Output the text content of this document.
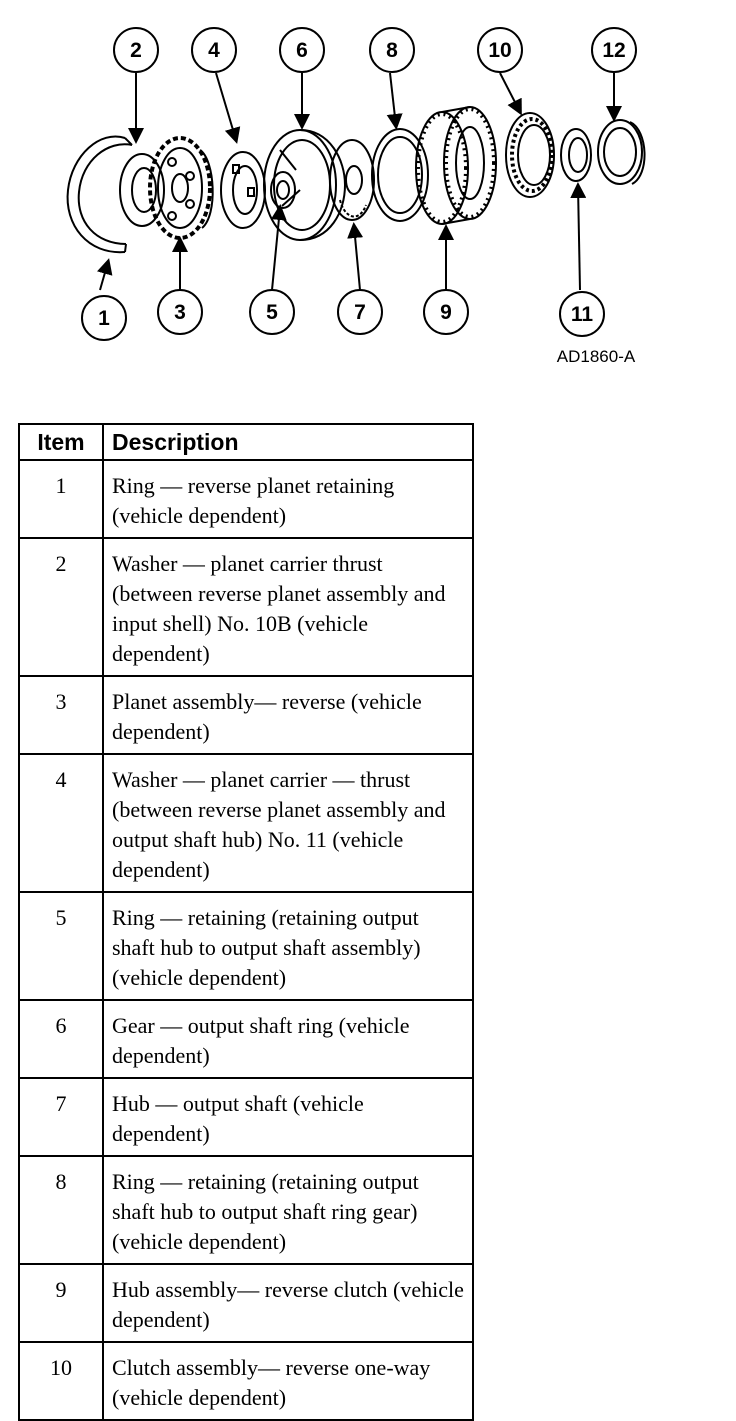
1
2
3
4
5
6
7
8
9
10
11
12
AD1860-A
Item	Description
1	Ring — reverse planet retaining (vehicle dependent)
2	Washer — planet carrier thrust (between reverse planet assembly and input shell) No. 10B (vehicle dependent)
3	Planet assembly— reverse (vehicle dependent)
4	Washer — planet carrier — thrust (between reverse planet assembly and output shaft hub) No. 11 (vehicle dependent)
5	Ring — retaining (retaining output shaft hub to output shaft assembly) (vehicle dependent)
6	Gear — output shaft ring (vehicle dependent)
7	Hub — output shaft (vehicle dependent)
8	Ring — retaining (retaining output shaft hub to output shaft ring gear) (vehicle dependent)
9	Hub assembly— reverse clutch (vehicle dependent)
10	Clutch assembly— reverse one-way (vehicle dependent)
